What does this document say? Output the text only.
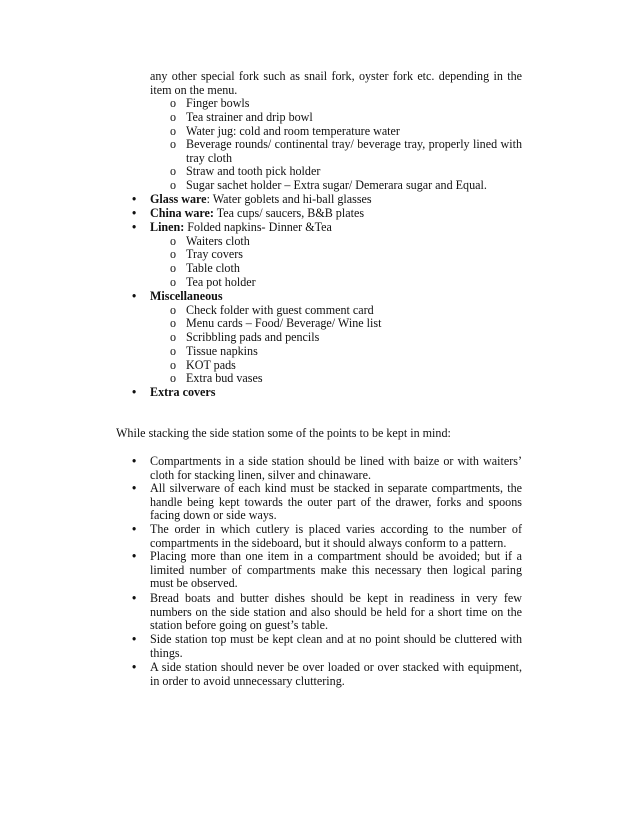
any other special fork such as snail fork, oyster fork etc. depending in the item on the menu.
o Finger bowls
o Tea strainer and drip bowl
o Water jug: cold and room temperature water
o Beverage rounds/ continental tray/ beverage tray, properly lined with tray cloth
o Straw and tooth pick holder
o Sugar sachet holder – Extra sugar/ Demerara sugar and Equal.
• Glass ware: Water goblets and hi-ball glasses
• China ware: Tea cups/ saucers, B&B plates
• Linen: Folded napkins- Dinner &Tea
o Waiters cloth
o Tray covers
o Table cloth
o Tea pot holder
• Miscellaneous
o Check folder with guest comment card
o Menu cards – Food/ Beverage/ Wine list
o Scribbling pads and pencils
o Tissue napkins
o KOT pads
o Extra bud vases
• Extra covers
While stacking the side station some of the points to be kept in mind:
• Compartments in a side station should be lined with baize or with waiters’ cloth for stacking linen, silver and chinaware.
• All silverware of each kind must be stacked in separate compartments, the handle being kept towards the outer part of the drawer, forks and spoons facing down or side ways.
• The order in which cutlery is placed varies according to the number of compartments in the sideboard, but it should always conform to a pattern.
• Placing more than one item in a compartment should be avoided; but if a limited number of compartments make this necessary then logical paring must be observed.
• Bread boats and butter dishes should be kept in readiness in very few numbers on the side station and also should be held for a short time on the station before going on guest’s table.
• Side station top must be kept clean and at no point should be cluttered with things.
• A side station should never be over loaded or over stacked with equipment, in order to avoid unnecessary cluttering.
